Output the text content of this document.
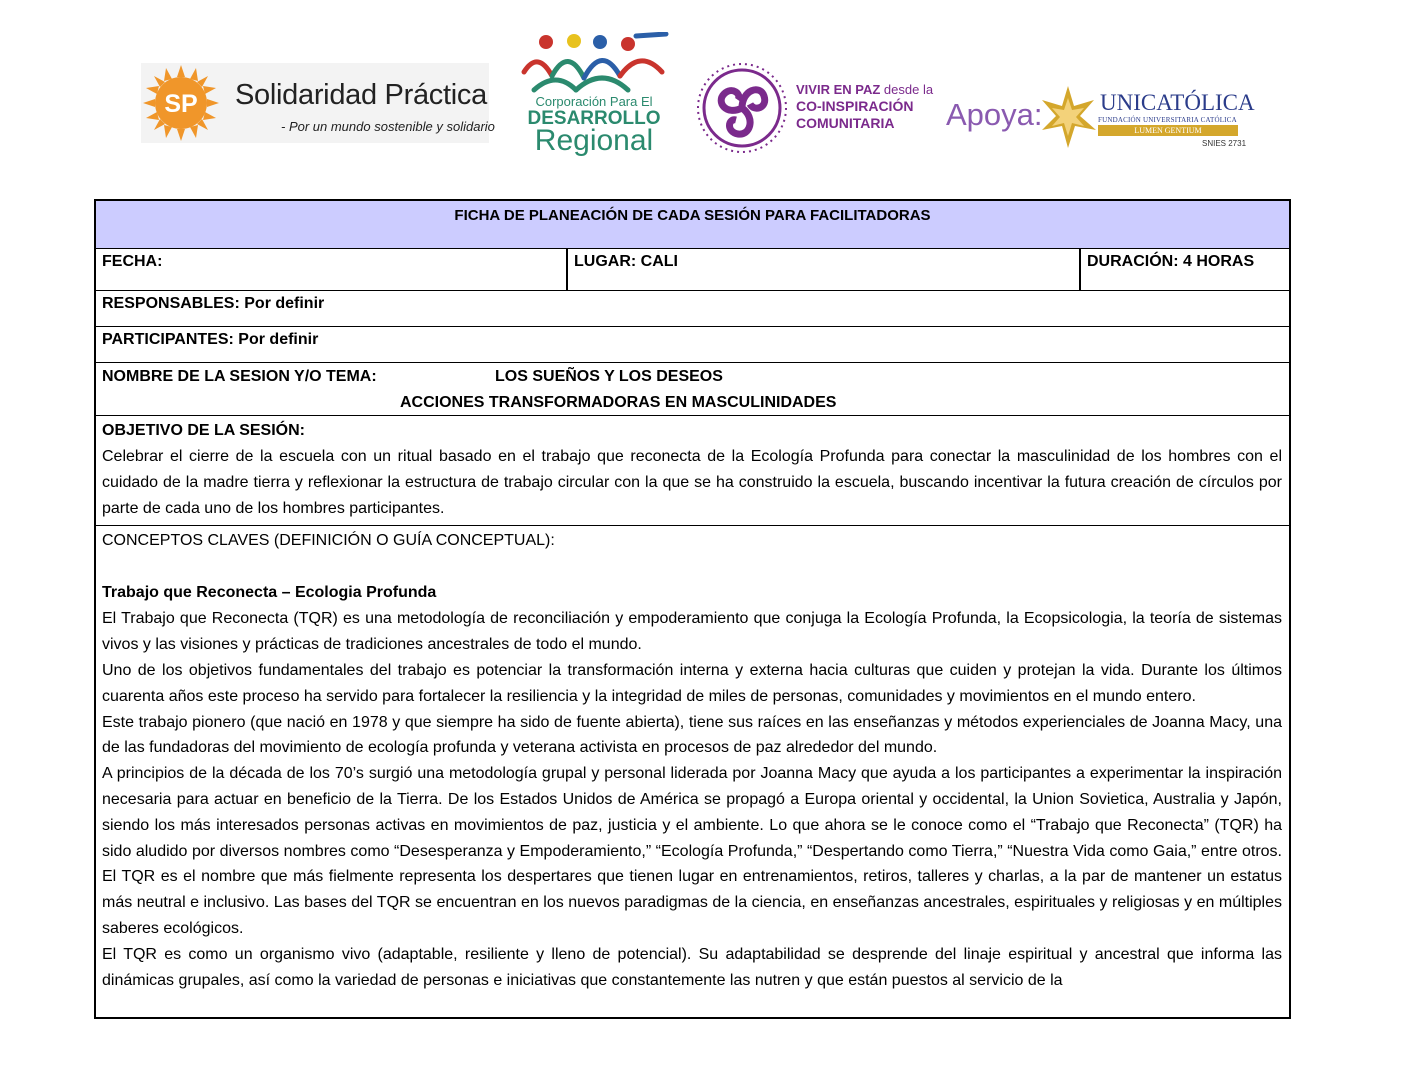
SP Solidaridad Práctica
- Por un mundo sostenible y solidario
Corporación Para El
DESARROLLO
Regional
VIVIR EN PAZ desde la
CO-INSPIRACIÓN
COMUNITARIA Apoya: UNICATÓLICA
FUNDACIÓN UNIVERSITARIA CATÓLICA
LUMEN GENTIUM
SNIES 2731
FICHA DE PLANEACIÓN DE CADA SESIÓN PARA FACILITADORAS
FECHA:	LUGAR: CALI	DURACIÓN: 4 HORAS
RESPONSABLES: Por definir
PARTICIPANTES: Por definir
NOMBRE DE LA SESION Y/O TEMA:	LOS SUEÑOS Y LOS DESEOS
ACCIONES TRANSFORMADORAS EN MASCULINIDADES
OBJETIVO DE LA SESIÓN:

Celebrar el cierre de la escuela con un ritual basado en el trabajo que reconecta de la Ecología Profunda para conectar la masculinidad de los hombres con el cuidado de la madre tierra y reflexionar la estructura de trabajo circular con la que se ha construido la escuela, buscando incentivar la futura creación de círculos por parte de cada uno de los hombres participantes.

CONCEPTOS CLAVES (DEFINICIÓN O GUÍA CONCEPTUAL):
Trabajo que Reconecta – Ecologia Profunda

El Trabajo que Reconecta (TQR) es una metodología de reconciliación y empoderamiento que conjuga la Ecología Profunda, la Ecopsicologia, la teoría de sistemas vivos y las visiones y prácticas de tradiciones ancestrales de todo el mundo.

Uno de los objetivos fundamentales del trabajo es potenciar la transformación interna y externa hacia culturas que cuiden y protejan la vida. Durante los últimos cuarenta años este proceso ha servido para fortalecer la resiliencia y la integridad de miles de personas, comunidades y movimientos en el mundo entero.

Este trabajo pionero (que nació en 1978 y que siempre ha sido de fuente abierta), tiene sus raíces en las enseñanzas y métodos experienciales de Joanna Macy, una de las fundadoras del movimiento de ecología profunda y veterana activista en procesos de paz alrededor del mundo.

A principios de la década de los 70’s surgió una metodología grupal y personal liderada por Joanna Macy que ayuda a los participantes a experimentar la inspiración necesaria para actuar en beneficio de la Tierra. De los Estados Unidos de América se propagó a Europa oriental y occidental, la Union Sovietica, Australia y Japón, siendo los más interesados personas activas en movimientos de paz, justicia y el ambiente. Lo que ahora se le conoce como el “Trabajo que Reconecta” (TQR) ha sido aludido por diversos nombres como “Desesperanza y Empoderamiento,” “Ecología Profunda,” “Despertando como Tierra,” “Nuestra Vida como Gaia,” entre otros. El TQR es el nombre que más fielmente representa los despertares que tienen lugar en entrenamientos, retiros, talleres y charlas, a la par de mantener un estatus más neutral e inclusivo. Las bases del TQR se encuentran en los nuevos paradigmas de la ciencia, en enseñanzas ancestrales, espirituales y religiosas y en múltiples saberes ecológicos.

El TQR es como un organismo vivo (adaptable, resiliente y lleno de potencial). Su adaptabilidad se desprende del linaje espiritual y ancestral que informa las dinámicas grupales, así como la variedad de personas e iniciativas que constantemente las nutren y que están puestos al servicio de la
